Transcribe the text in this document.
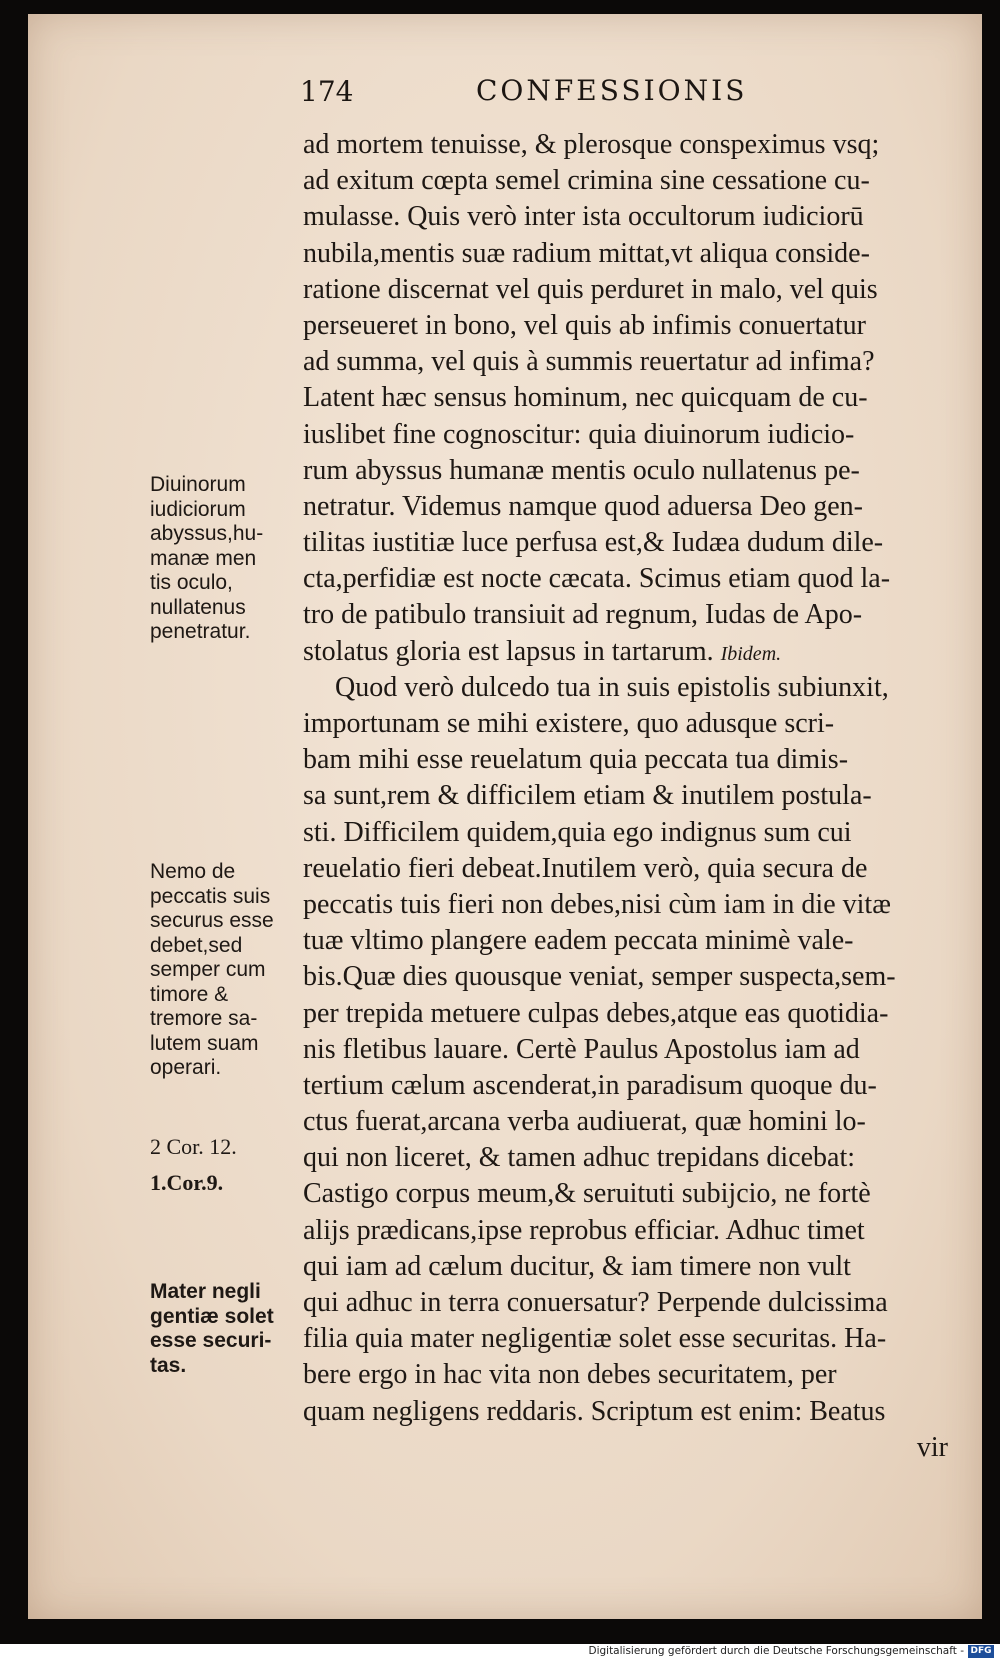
174	CONFESSIONIS
ad mortem tenuisse, & plerosque conspeximus vsq;
ad exitum cœpta semel crimina sine cessatione cu-
mulasse. Quis verò inter ista occultorum iudiciorū
nubila,mentis suæ radium mittat,vt aliqua conside-
ratione discernat vel quis perduret in malo, vel quis
perseueret in bono, vel quis ab infimis conuertatur
ad summa, vel quis à summis reuertatur ad infima?
Latent hæc sensus hominum, nec quicquam de cu-
iuslibet fine cognoscitur: quia diuinorum iudicio-
rum abyssus humanæ mentis oculo nullatenus pe-
netratur. Videmus namque quod aduersa Deo gen-
tilitas iustitiæ luce perfusa est,& Iudæa dudum dile-
cta,perfidiæ est nocte cæcata. Scimus etiam quod la-
tro de patibulo transiuit ad regnum, Iudas de Apo-
stolatus gloria est lapsus in tartarum. Ibidem.
Quod verò dulcedo tua in suis epistolis subiunxit,
importunam se mihi existere, quo adusque scri-
bam mihi esse reuelatum quia peccata tua dimis-
sa sunt,rem & difficilem etiam & inutilem postula-
sti. Difficilem quidem,quia ego indignus sum cui
reuelatio fieri debeat.Inutilem verò, quia secura de
peccatis tuis fieri non debes,nisi cùm iam in die vitæ
tuæ vltimo plangere eadem peccata minimè vale-
bis.Quæ dies quousque veniat, semper suspecta,sem-
per trepida metuere culpas debes,atque eas quotidia-
nis fletibus lauare. Certè Paulus Apostolus iam ad
tertium cælum ascenderat,in paradisum quoque du-
ctus fuerat,arcana verba audiuerat, quæ homini lo-
qui non liceret, & tamen adhuc trepidans dicebat:
Castigo corpus meum,& seruituti subijcio, ne fortè
alijs prædicans,ipse reprobus efficiar. Adhuc timet
qui iam ad cælum ducitur, & iam timere non vult
qui adhuc in terra conuersatur? Perpende dulcissima
filia quia mater negligentiæ solet esse securitas. Ha-
bere ergo in hac vita non debes securitatem, per
quam negligens reddaris. Scriptum est enim: Beatus
vir
Diuinorum
iudiciorum
abyssus,hu-
manæ men
tis oculo,
nullatenus
penetratur.
Nemo de
peccatis suis
securus esse
debet,sed
semper cum
timore &
tremore sa-
lutem suam
operari.
2 Cor. 12.
1.Cor.9.
Mater negli
gentiæ solet
esse securi-
tas.
Digitalisierung gefördert durch die Deutsche Forschungsgemeinschaft - DFG
